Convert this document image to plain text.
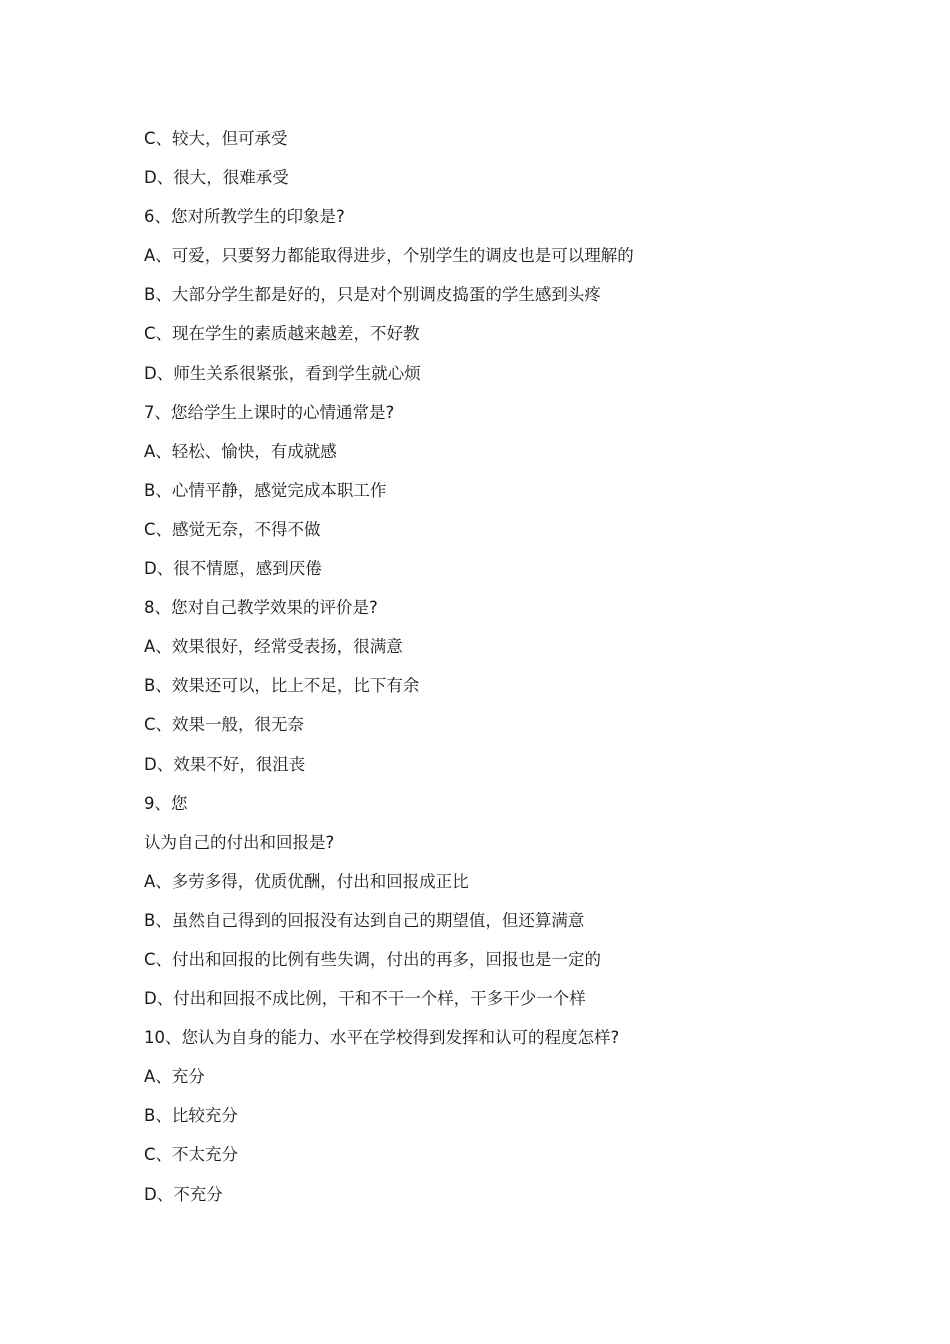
C、较大，但可承受

D、很大，很难承受

6、您对所教学生的印象是?

A、可爱，只要努力都能取得进步，个别学生的调皮也是可以理解的

B、大部分学生都是好的，只是对个别调皮捣蛋的学生感到头疼

C、现在学生的素质越来越差，不好教

D、师生关系很紧张，看到学生就心烦

7、您给学生上课时的心情通常是?

A、轻松、愉快，有成就感

B、心情平静，感觉完成本职工作

C、感觉无奈，不得不做

D、很不情愿，感到厌倦

8、您对自己教学效果的评价是?

A、效果很好，经常受表扬，很满意

B、效果还可以，比上不足，比下有余

C、效果一般，很无奈

D、效果不好，很沮丧

9、您

认为自己的付出和回报是?

A、多劳多得，优质优酬，付出和回报成正比

B、虽然自己得到的回报没有达到自己的期望值，但还算满意

C、付出和回报的比例有些失调，付出的再多，回报也是一定的

D、付出和回报不成比例，干和不干一个样，干多干少一个样

10、您认为自身的能力、水平在学校得到发挥和认可的程度怎样?

A、充分

B、比较充分

C、不太充分

D、不充分
